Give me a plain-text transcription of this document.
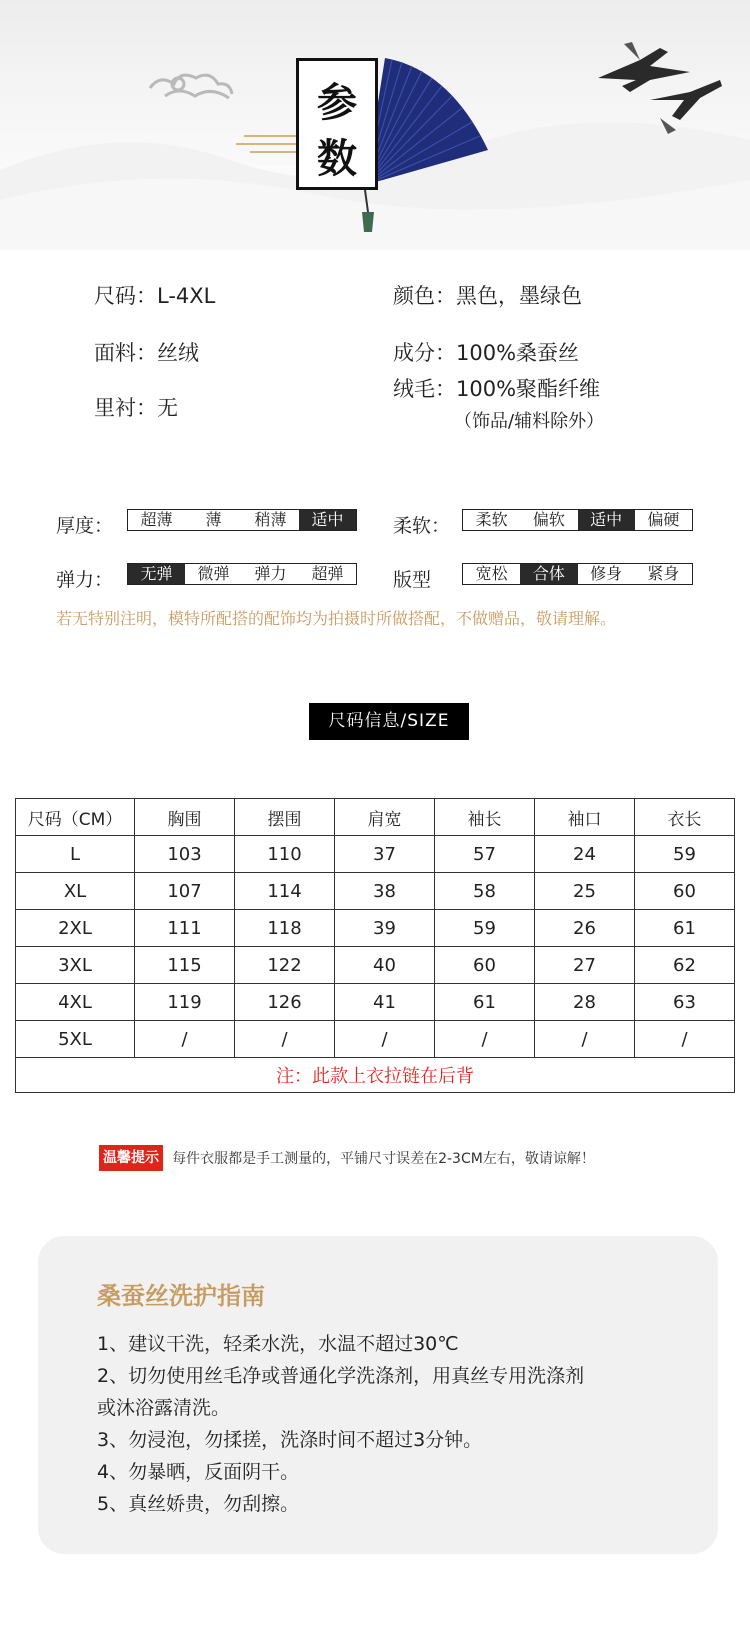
参
数
尺码：L-4XL	颜色：黑色，墨绿色
面料：丝绒	成分：100%桑蚕丝
绒毛：100%聚酯纤维
（饰品/辅料除外）
里衬：无
厚度：	超薄	薄	稍薄	适中	柔软：	柔软	偏软	适中	偏硬
弹力：	无弹	微弹	弹力	超弹	版型	宽松	合体	修身	紧身
若无特别注明，模特所配搭的配饰均为拍摄时所做搭配，不做赠品，敬请理解。
尺码信息/SIZE
尺码（CM）	胸围	摆围	肩宽	袖长	袖口	衣长
L	103	110	37	57	24	59
XL	107	114	38	58	25	60
2XL	111	118	39	59	26	61
3XL	115	122	40	60	27	62
4XL	119	126	41	61	28	63
5XL	/	/	/	/	/	/
注：此款上衣拉链在后背						
温馨提示 每件衣服都是手工测量的，平铺尺寸误差在2-3CM左右，敬请谅解！
桑蚕丝洗护指南
1、建议干洗，轻柔水洗，水温不超过30℃
2、切勿使用丝毛净或普通化学洗涤剂，用真丝专用洗涤剂
或沐浴露清洗。
3、勿浸泡，勿揉搓，洗涤时间不超过3分钟。
4、勿暴晒，反面阴干。
5、真丝娇贵，勿刮擦。
